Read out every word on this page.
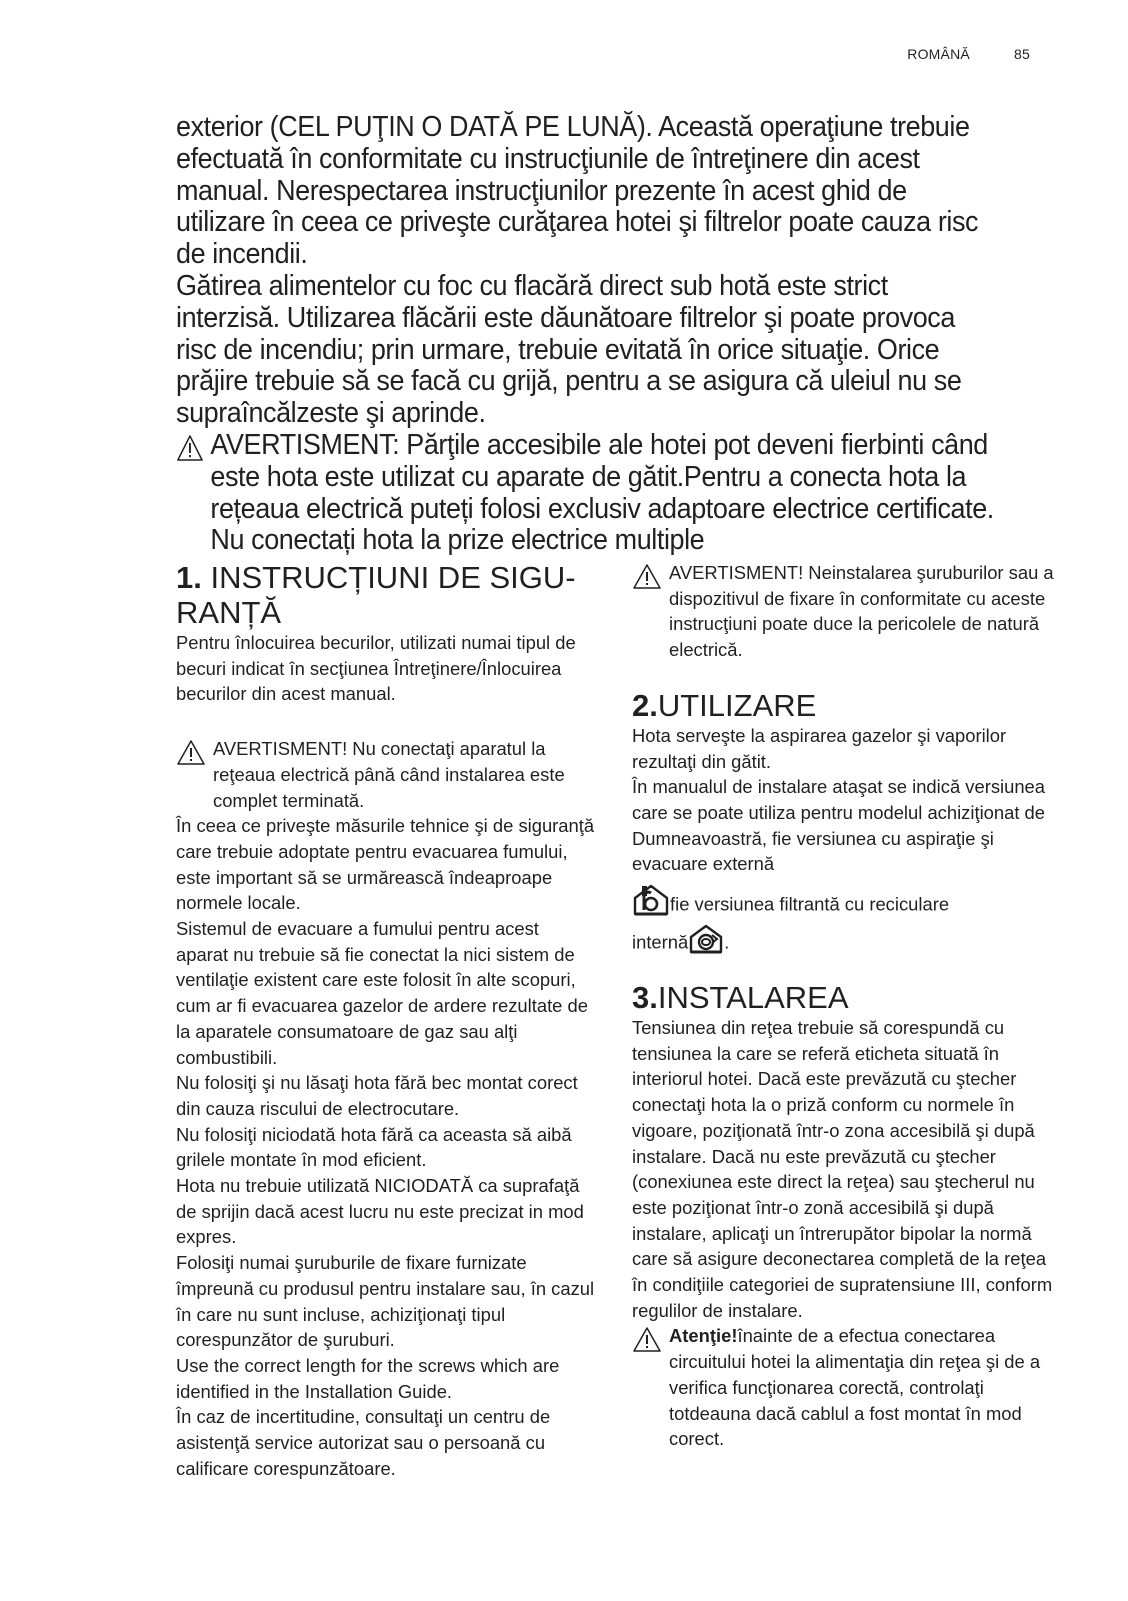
ROMÂNĂ	85

exterior (CEL PUŢIN O DATĂ PE LUNĂ). Această operaţiune trebuie efectuată în conformitate cu instrucţiunile de întreţinere din acest manual. Nerespectarea instrucţiunilor prezente în acest ghid de utilizare în ceea ce priveşte curăţarea hotei şi filtrelor poate cauza risc de incendii.

Gătirea alimentelor cu foc cu flacără direct sub hotă este strict interzisă. Utilizarea flăcării este dăunătoare filtrelor şi poate provoca risc de incendiu; prin urmare, trebuie evitată în orice situaţie. Orice prăjire trebuie să se facă cu grijă, pentru a se asigura că uleiul nu se supraîncălzeste şi aprinde.

AVERTISMENT: Părţile accesibile ale hotei pot deveni fierbinti când este hota este utilizat cu aparate de gătit.Pentru a conecta hota la rețeaua electrică puteți folosi exclusiv adaptoare electrice certificate. Nu conectați hota la prize electrice multiple

1. INSTRUCȚIUNI DE SIGU-RANȚĂ

Pentru înlocuirea becurilor, utilizati numai tipul de becuri indicat în secţiunea Întreţinere/Înlocuirea becurilor din acest manual.

AVERTISMENT! Nu conectaţi aparatul la reţeaua electrică până când instalarea este complet terminată.

În ceea ce priveşte măsurile tehnice şi de siguranţă care trebuie adoptate pentru evacuarea fumului, este important să se urmărească îndeaproape normele locale.

Sistemul de evacuare a fumului pentru acest aparat nu trebuie să fie conectat la nici sistem de ventilaţie existent care este folosit în alte scopuri, cum ar fi evacuarea gazelor de ardere rezultate de la aparatele consumatoare de gaz sau alţi combustibili.

Nu folosiţi şi nu lăsaţi hota fără bec montat corect din cauza riscului de electrocutare.

Nu folosiţi niciodată hota fără ca aceasta să aibă grilele montate în mod eficient.

Hota nu trebuie utilizată NICIODATĂ ca suprafaţă de sprijin dacă acest lucru nu este precizat in mod expres.

Folosiţi numai şuruburile de fixare furnizate împreună cu produsul pentru instalare sau, în cazul în care nu sunt incluse, achiziţionaţi tipul corespunzător de şuruburi.

Use the correct length for the screws which are identified in the Installation Guide.

În caz de incertitudine, consultaţi un centru de asistenţă service autorizat sau o persoană cu calificare corespunzătoare.

AVERTISMENT! Neinstalarea şuruburilor sau a dispozitivul de fixare în conformitate cu aceste instrucţiuni poate duce la pericolele de natură electrică.

2.UTILIZARE

Hota serveşte la aspirarea gazelor şi vaporilor rezultaţi din gătit.

În manualul de instalare ataşat se indică versiunea care se poate utiliza pentru modelul achiziţionat de Dumneavoastră, fie versiunea cu aspiraţie şi evacuare externă

fie versiunea filtrantă cu reciculare

internă .

3.INSTALAREA

Tensiunea din reţea trebuie să corespundă cu tensiunea la care se referă eticheta situată în interiorul hotei. Dacă este prevăzută cu ştecher conectaţi hota la o priză conform cu normele în vigoare, poziţionată într-o zona accesibilă şi după instalare. Dacă nu este prevăzută cu ştecher (conexiunea este direct la reţea) sau ştecherul nu este poziţionat într-o zonă accesibilă şi după instalare, aplicaţi un întrerupător bipolar la normă care să asigure deconectarea completă de la reţea în condiţiile categoriei de supratensiune III, conform regulilor de instalare.

Atenţie!înainte de a efectua conectarea circuitului hotei la alimentaţia din reţea şi de a verifica funcţionarea corectă, controlaţi totdeauna dacă cablul a fost montat în mod corect.
